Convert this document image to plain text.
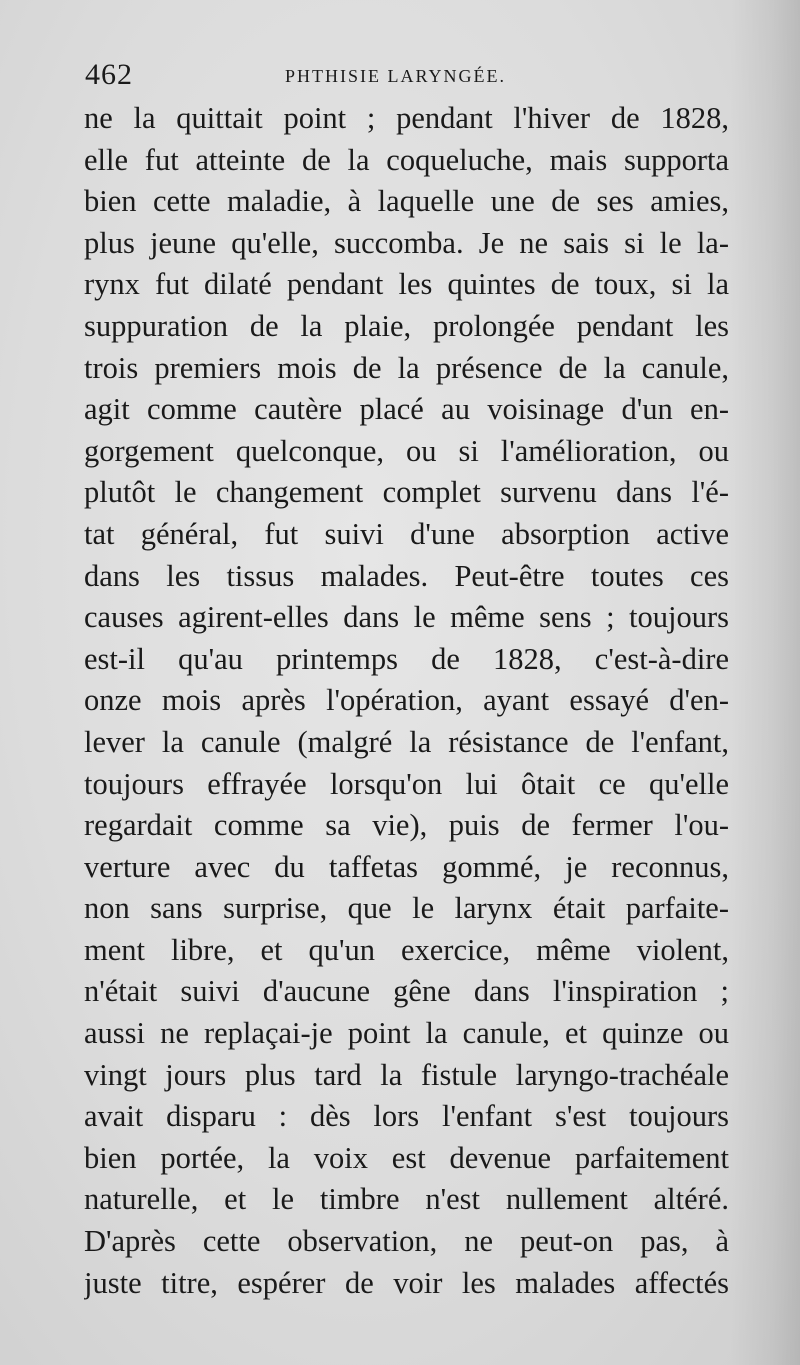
462	PHTHISIE LARYNGÉE.
ne la quittait point ; pendant l'hiver de 1828,
elle fut atteinte de la coqueluche, mais supporta
bien cette maladie, à laquelle une de ses amies,
plus jeune qu'elle, succomba. Je ne sais si le la-
rynx fut dilaté pendant les quintes de toux, si la
suppuration de la plaie, prolongée pendant les
trois premiers mois de la présence de la canule,
agit comme cautère placé au voisinage d'un en-
gorgement quelconque, ou si l'amélioration, ou
plutôt le changement complet survenu dans l'é-
tat général, fut suivi d'une absorption active
dans les tissus malades. Peut-être toutes ces
causes agirent-elles dans le même sens ; toujours
est-il qu'au printemps de 1828, c'est-à-dire
onze mois après l'opération, ayant essayé d'en-
lever la canule (malgré la résistance de l'enfant,
toujours effrayée lorsqu'on lui ôtait ce qu'elle
regardait comme sa vie), puis de fermer l'ou-
verture avec du taffetas gommé, je reconnus,
non sans surprise, que le larynx était parfaite-
ment libre, et qu'un exercice, même violent,
n'était suivi d'aucune gêne dans l'inspiration ;
aussi ne replaçai-je point la canule, et quinze ou
vingt jours plus tard la fistule laryngo-trachéale
avait disparu : dès lors l'enfant s'est toujours
bien portée, la voix est devenue parfaitement
naturelle, et le timbre n'est nullement altéré.
D'après cette observation, ne peut-on pas, à
juste titre, espérer de voir les malades affectés
